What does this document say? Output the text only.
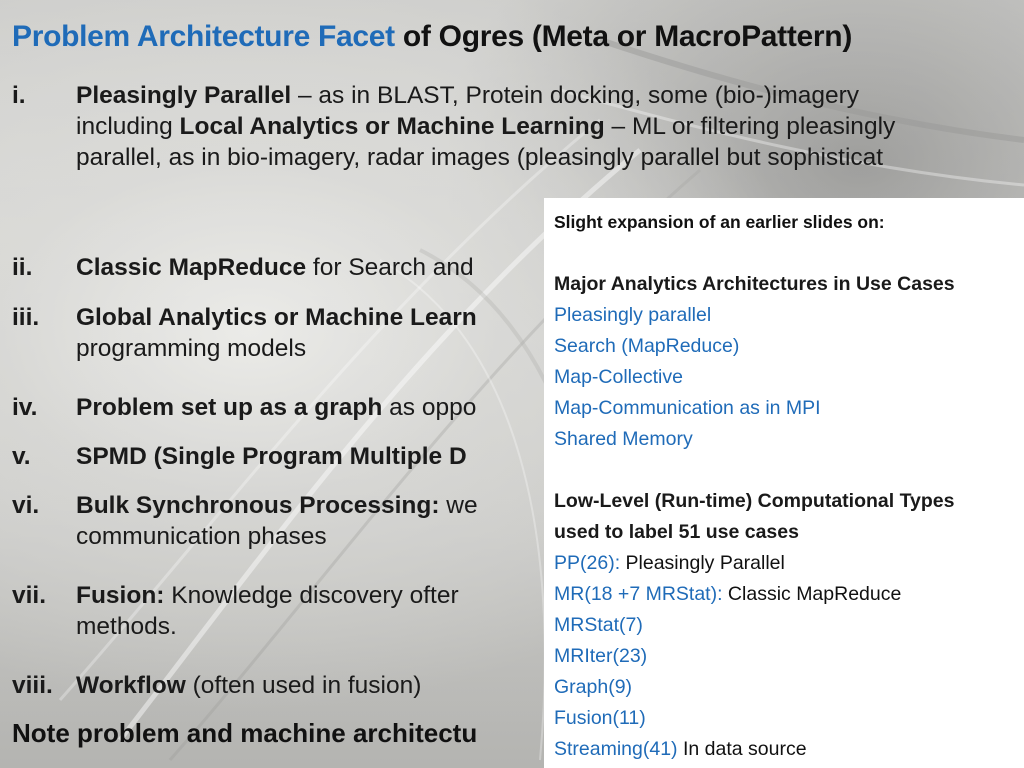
Problem Architecture Facet of Ogres (Meta or MacroPattern)
i. Pleasingly Parallel – as in BLAST, Protein docking, some (bio-)imagery including Local Analytics or Machine Learning – ML or filtering pleasingly parallel, as in bio-imagery, radar images (pleasingly parallel but sophisticat
ii. Classic MapReduce for Search and
iii. Global Analytics or Machine Learn programming models
iv. Problem set up as a graph as oppo
v. SPMD (Single Program Multiple D
vi. Bulk Synchronous Processing: we communication phases
vii. Fusion: Knowledge discovery ofter methods.
viii. Workflow (often used in fusion)
Note problem and machine architectu
Slight expansion of an earlier slides on:
Major Analytics Architectures in Use Cases
Pleasingly parallel
Search (MapReduce)
Map-Collective
Map-Communication as in MPI
Shared Memory
Low-Level (Run-time) Computational Types
used to label 51 use cases
PP(26): Pleasingly Parallel
MR(18 +7 MRStat): Classic MapReduce
MRStat(7)
MRIter(23)
Graph(9)
Fusion(11)
Streaming(41) In data source
